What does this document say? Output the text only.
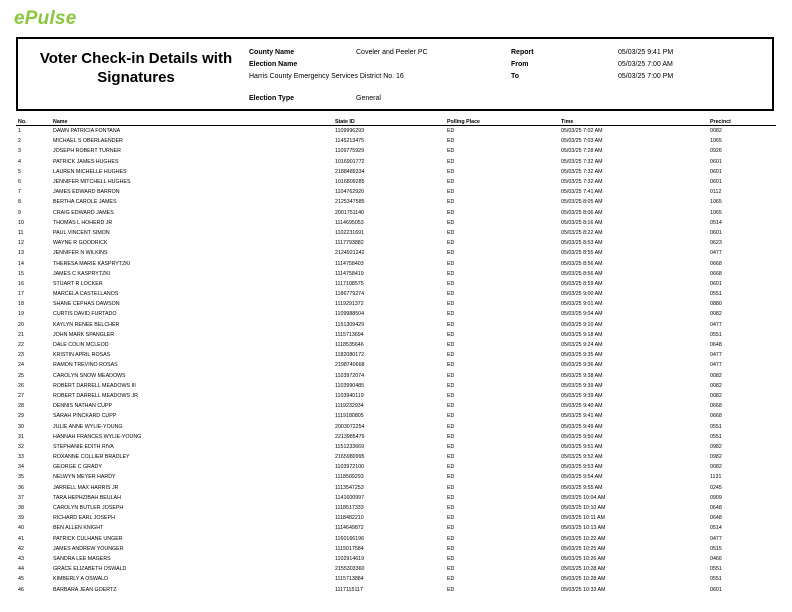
ePulse
Voter Check-in Details with Signatures
County Name	Coveler and Peeler PC
Election Name
Harris County Emergency Services District No. 16
Election Type	General
Report	05/03/25 9:41 PM
From	05/03/25 7:00 AM
To	05/03/25 7:00 PM
No.	Name	State ID	Polling Place	Time	Precinct
1	DAWN PATRICIA FONTANA	1109996293	ED	05/03/25 7:02 AM	0082
2	MICHAEL S OBERLAENDER	1145213475	ED	05/03/25 7:03 AM	1065
3	JOSEPH ROBERT TURNER	1109775929	ED	05/03/25 7:28 AM	0926
4	PATRICK JAMES HUGHES	1016901772	ED	05/03/25 7:32 AM	0601
5	LAUREN MICHELLE HUGHES	2188489334	ED	05/03/25 7:32 AM	0601
6	JENNIFER MITCHELL HUGHES	1016809285	ED	05/03/25 7:32 AM	0601
7	JAMES EDWARD BARRON	1104762920	ED	05/03/25 7:41 AM	0112
8	BERTHA CAROLE JAMES	2125347585	ED	05/03/25 8:05 AM	1065
9	CRAIG EDWARD JAMES	2001751140	ED	05/03/25 8:06 AM	1065
10	THOMAS L HOHERD JR	1114695053	ED	05/03/25 8:16 AM	0514
11	PAUL VINCENT SIMON	1102231691	ED	05/03/25 8:22 AM	0601
12	WAYNE R GOODRICK	1117793882	ED	05/03/25 8:53 AM	0623
13	JENNIFER N WILKINS	2124921242	ED	05/03/25 8:55 AM	0477
14	THERESA MARIE KASPRYTZKI	1114758403	ED	05/03/25 8:56 AM	0668
15	JAMES C KASPRYTZKI	1114758419	ED	05/03/25 8:56 AM	0668
16	STUART R LOCKER	1117108575	ED	05/03/25 8:59 AM	0601
17	MARCELA CASTELLANOS	1186779274	ED	05/03/25 9:00 AM	0551
18	SHANE CEPHAS DAWSON	1119291372	ED	05/03/25 9:01 AM	0880
19	CURTIS DAVID FURTADO	1109988504	ED	05/03/25 9:04 AM	0082
20	KAYLYN RENEE BELCHER	1151309429	ED	05/03/25 9:10 AM	0477
21	JOHN MARK SPANGLER	1115713694	ED	05/03/25 9:18 AM	0551
22	DALE COLIN MCLEOD	1118535646	ED	05/03/25 9:24 AM	0648
23	KRISTIN APRIL ROSAS	1182080172	ED	05/03/25 9:35 AM	0477
24	RAMON TREVINO ROSAS	2198740668	ED	05/03/25 9:36 AM	0477
25	CAROLYN SNOW MEADOWS	1103972074	ED	05/03/25 9:38 AM	0082
26	ROBERT DARRELL MEADOWS III	1103990485	ED	05/03/25 9:39 AM	0082
27	ROBERT DARRELL MEADOWS JR	1103940119	ED	05/03/25 9:39 AM	0082
28	DENNIS NATHAN CUPP	1119232934	ED	05/03/25 9:40 AM	0668
29	SARAH PINCKARD CUPP	1119180805	ED	05/03/25 9:41 AM	0668
30	JULIE ANNE WYLIE-YOUNG	2003072254	ED	05/03/25 9:49 AM	0551
31	HANNAH FRANCES WYLIE-YOUNG	2213985479	ED	05/03/25 9:50 AM	0551
32	STEPHANIE EDITH RIVA	1151233669	ED	05/03/25 9:51 AM	0982
33	ROXANNE COLLIER BRADLEY	2165980995	ED	05/03/25 9:52 AM	0982
34	GEORGE C GRADY	1103972100	ED	05/03/25 9:53 AM	0082
35	NELWYN MEYER HARDY	1118509293	ED	05/03/25 9:54 AM	1131
36	JARRELL MAX HARRIS JR	1113547253	ED	05/03/25 9:55 AM	0245
37	TARA HEPHZIBAH BEULAH	1141600997	ED	05/03/25 10:04 AM	0909
38	CAROLYN BUTLER JOSEPH	1118517333	ED	05/03/25 10:10 AM	0648
39	RICHARD EARL JOSEPH	1118482210	ED	05/03/25 10:11 AM	0648
40	BEN ALLEN KNIGHT	1114649872	ED	05/03/25 10:13 AM	0514
41	PATRICK CULHANE UNGER	1160166196	ED	05/03/25 10:22 AM	0477
42	JAMES ANDREW YOUNGER	1115017584	ED	05/03/25 10:25 AM	0515
43	SANDRA LEE MAGERS	1102914619	ED	05/03/25 10:26 AM	0466
44	GRACE ELIZABETH OSWALD	2155303360	ED	05/03/25 10:28 AM	0551
45	KIMBERLY A OSWALD	1115713884	ED	05/03/25 10:28 AM	0551
46	BARBARA JEAN GOERTZ	1117115117	ED	05/03/25 10:33 AM	0601
